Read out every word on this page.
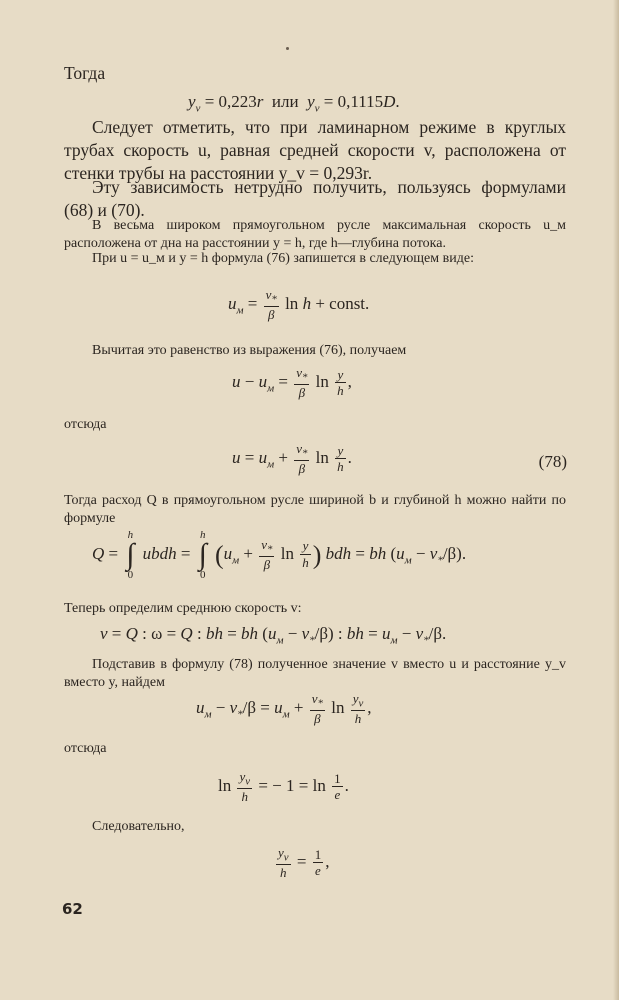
Тогда

$y_v = 0,223r$  или  $y_v = 0,1115D$.

Следует отметить, что при ламинарном режиме в круглых трубах скорость u, равная средней скорости v, расположена от стенки трубы на расстоянии y_v = 0,293r.

Эту зависимость нетрудно получить, пользуясь формулами (68) и (70).

В весьма широком прямоугольном русле максимальная скорость u_м расположена от дна на расстоянии y = h, где h—глубина потока.

При u = u_м и y = h формула (76) запишется в следующем виде:

$u_м = \frac{v_*}{\beta}$ ln h + const.

Вычитая это равенство из выражения (76), получаем

$u - u_м = \frac{v_*}{\beta}$ $\ln \frac{y}{h}$ ,

отсюда

$u = u_м + \frac{v_*}{\beta}$ $\ln \frac{y}{h}$ .	(78)

Тогда расход Q в прямоугольном русле шириной b и глубиной h можно найти по формуле

Q =
h
∫
0
ubdh =
h
∫
0
($u_м + \frac{v_*}{\beta}$ $\ln \frac{y}{h}$ ) bdh = bh $(u_м - v_*/\beta)$.

Теперь определим среднюю скорость v:

v = Q : ω = Q : bh = bh $(u_м - v_*/\beta)$ : bh = $u_м - v_*/\beta$.

Подставив в формулу (78) полученное значение v вместо u и расстояние y_v вместо y, найдем

$u_м - v_*/\beta = u_м + \frac{v_*}{\beta}$ $\ln \frac{y_v}{h}$ ,

отсюда

$\ln \frac{y_v}{h}$ = − $1 = \ln \frac{1}{e}$ .

Следовательно,

$\frac{y_v}{h} = \frac{1}{e}$ ,
62
